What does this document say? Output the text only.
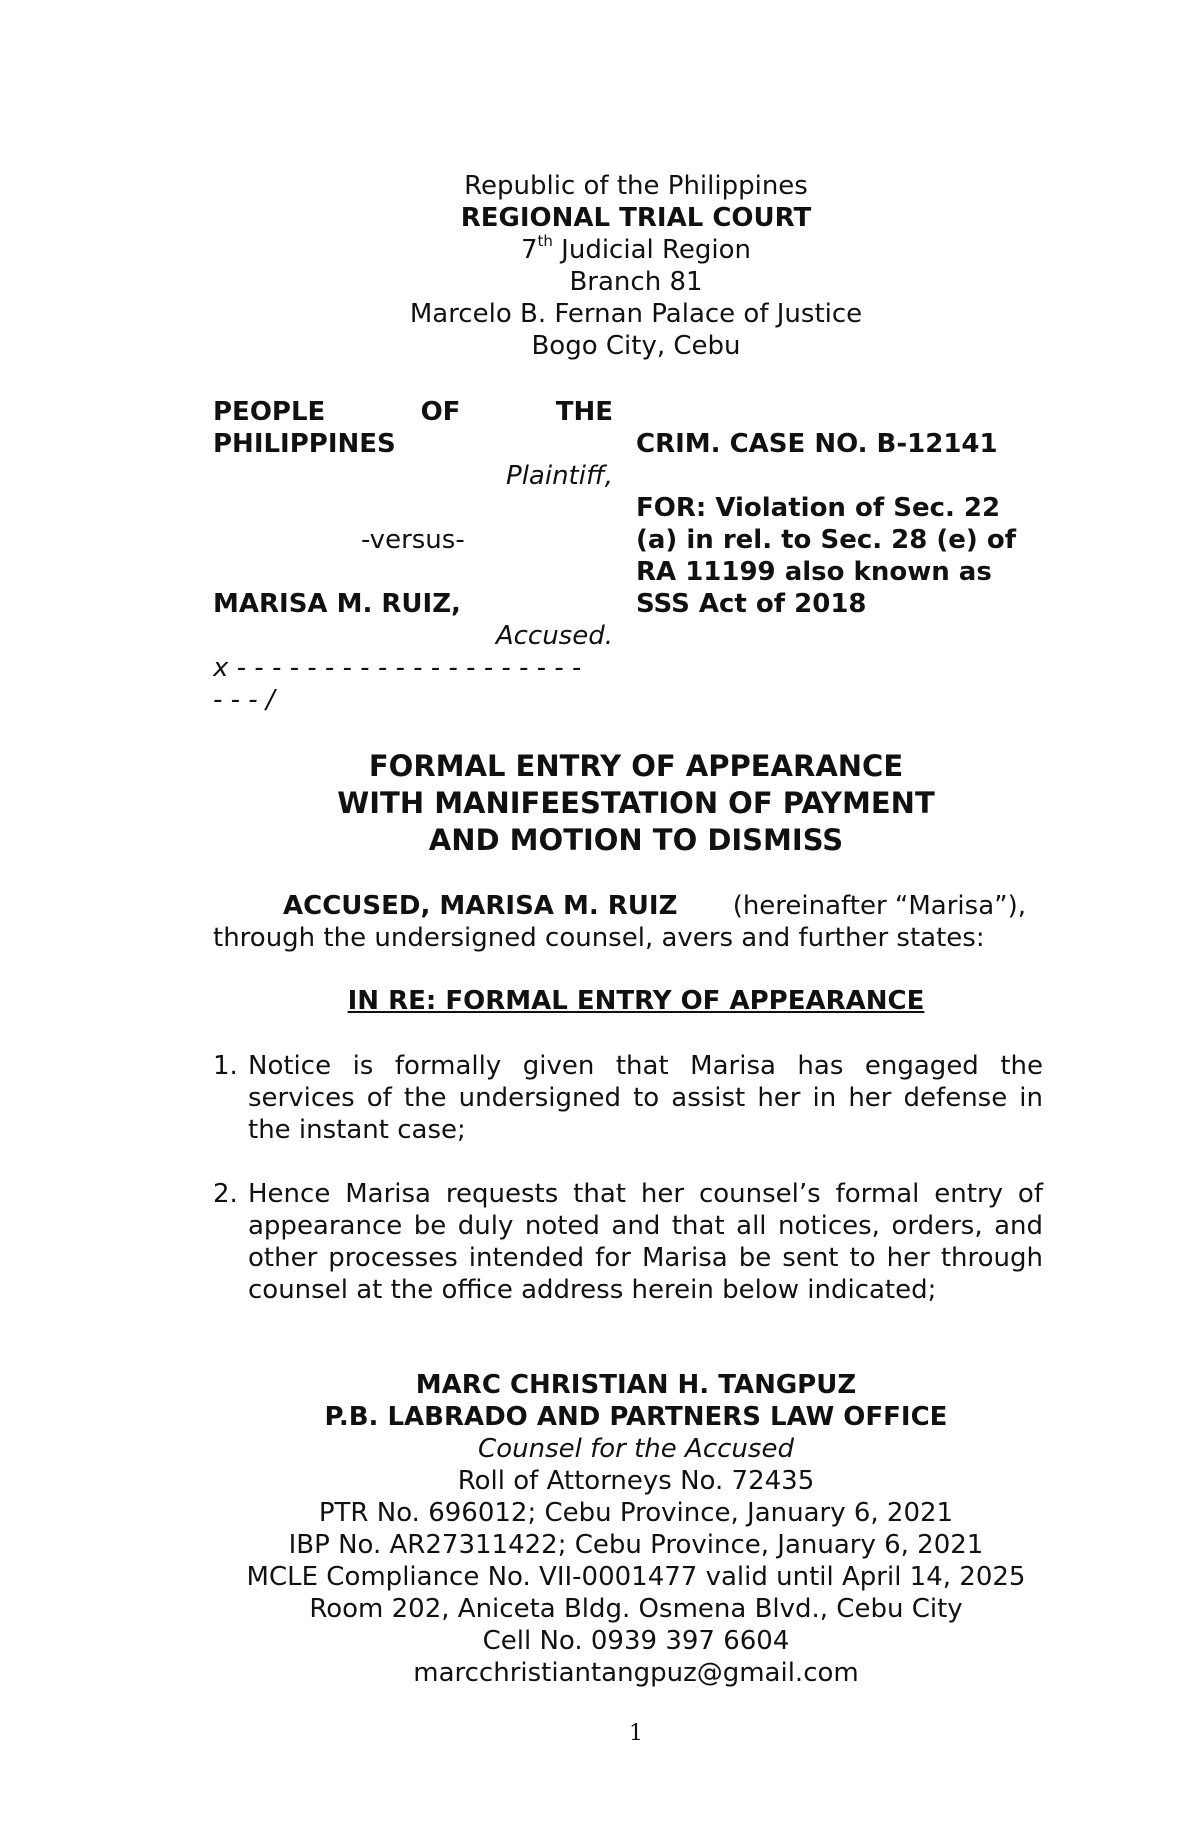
Republic of the Philippines
REGIONAL TRIAL COURT
7th Judicial Region
Branch 81
Marcelo B. Fernan Palace of Justice
Bogo City, Cebu
PEOPLE	OF	THE
PHILIPPINES
Plaintiff,
-versus-
MARISA M. RUIZ,
Accused.
x - - - - - - - - - - - - - - - - - - - -
- - - /
CRIM. CASE NO. B-12141
FOR: Violation of Sec. 22
(a) in rel. to Sec. 28 (e) of
RA 11199 also known as
SSS Act of 2018
FORMAL ENTRY OF APPEARANCE
WITH MANIFEESTATION OF PAYMENT
AND MOTION TO DISMISS
ACCUSED, MARISA M. RUIZ (hereinafter “Marisa”),
through the undersigned counsel, avers and further states:
IN RE: FORMAL ENTRY OF APPEARANCE
1. Notice is formally given that Marisa has engaged the services of the undersigned to assist her in her defense in the instant case;
2. Hence Marisa requests that her counsel’s formal entry of appearance be duly noted and that all notices, orders, and other processes intended for Marisa be sent to her through counsel at the office address herein below indicated;
MARC CHRISTIAN H. TANGPUZ
P.B. LABRADO AND PARTNERS LAW OFFICE
Counsel for the Accused
Roll of Attorneys No. 72435
PTR No. 696012; Cebu Province, January 6, 2021
IBP No. AR27311422; Cebu Province, January 6, 2021
MCLE Compliance No. VII-0001477 valid until April 14, 2025
Room 202, Aniceta Bldg. Osmena Blvd., Cebu City
Cell No. 0939 397 6604
marcchristiantangpuz@gmail.com
1
